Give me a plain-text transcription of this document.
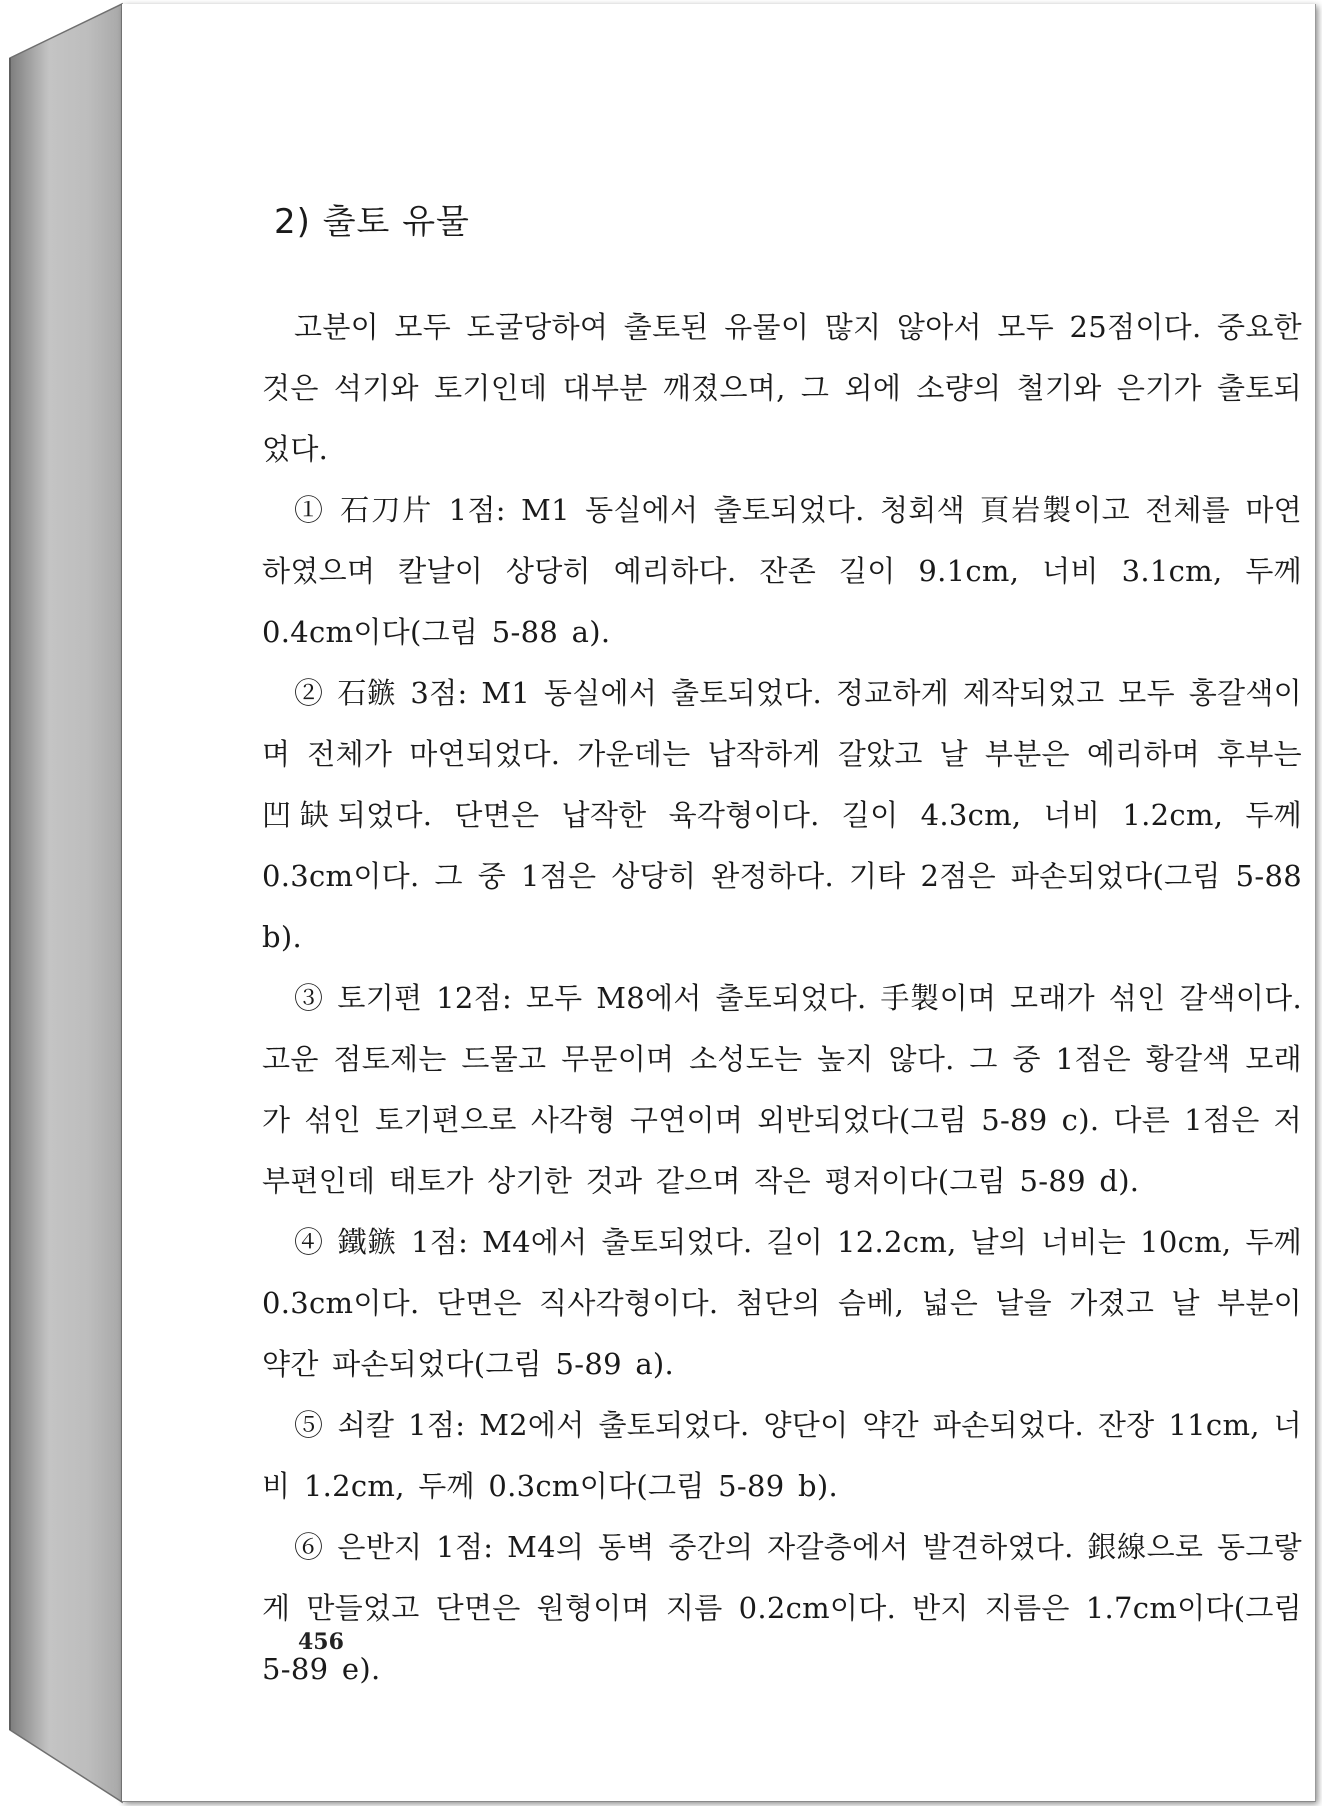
2) 출토 유물

고분이 모두 도굴당하여 출토된 유물이 많지 않아서 모두 25점이다. 중요한 것은 석기와 토기인데 대부분 깨졌으며, 그 외에 소량의 철기와 은기가 출토되었다.

① 石刀片 1점: M1 동실에서 출토되었다. 청회색 頁岩製이고 전체를 마연하였으며 칼날이 상당히 예리하다. 잔존 길이 9.1cm, 너비 3.1cm, 두께 0.4cm이다(그림 5-88 a).

② 石鏃 3점: M1 동실에서 출토되었다. 정교하게 제작되었고 모두 홍갈색이며 전체가 마연되었다. 가운데는 납작하게 갈았고 날 부분은 예리하며 후부는 凹缺되었다. 단면은 납작한 육각형이다. 길이 4.3cm, 너비 1.2cm, 두께 0.3cm이다. 그 중 1점은 상당히 완정하다. 기타 2점은 파손되었다(그림 5-88 b).

③ 토기편 12점: 모두 M8에서 출토되었다. 手製이며 모래가 섞인 갈색이다. 고운 점토제는 드물고 무문이며 소성도는 높지 않다. 그 중 1점은 황갈색 모래가 섞인 토기편으로 사각형 구연이며 외반되었다(그림 5-89 c). 다른 1점은 저부편인데 태토가 상기한 것과 같으며 작은 평저이다(그림 5-89 d).

④ 鐵鏃 1점: M4에서 출토되었다. 길이 12.2cm, 날의 너비는 10cm, 두께 0.3cm이다. 단면은 직사각형이다. 첨단의 슴베, 넓은 날을 가졌고 날 부분이 약간 파손되었다(그림 5-89 a).

⑤ 쇠칼 1점: M2에서 출토되었다. 양단이 약간 파손되었다. 잔장 11cm, 너비 1.2cm, 두께 0.3cm이다(그림 5-89 b).

⑥ 은반지 1점: M4의 동벽 중간의 자갈층에서 발견하였다. 銀線으로 동그랗게 만들었고 단면은 원형이며 지름 0.2cm이다. 반지 지름은 1.7cm이다(그림 5-89 e).

456
